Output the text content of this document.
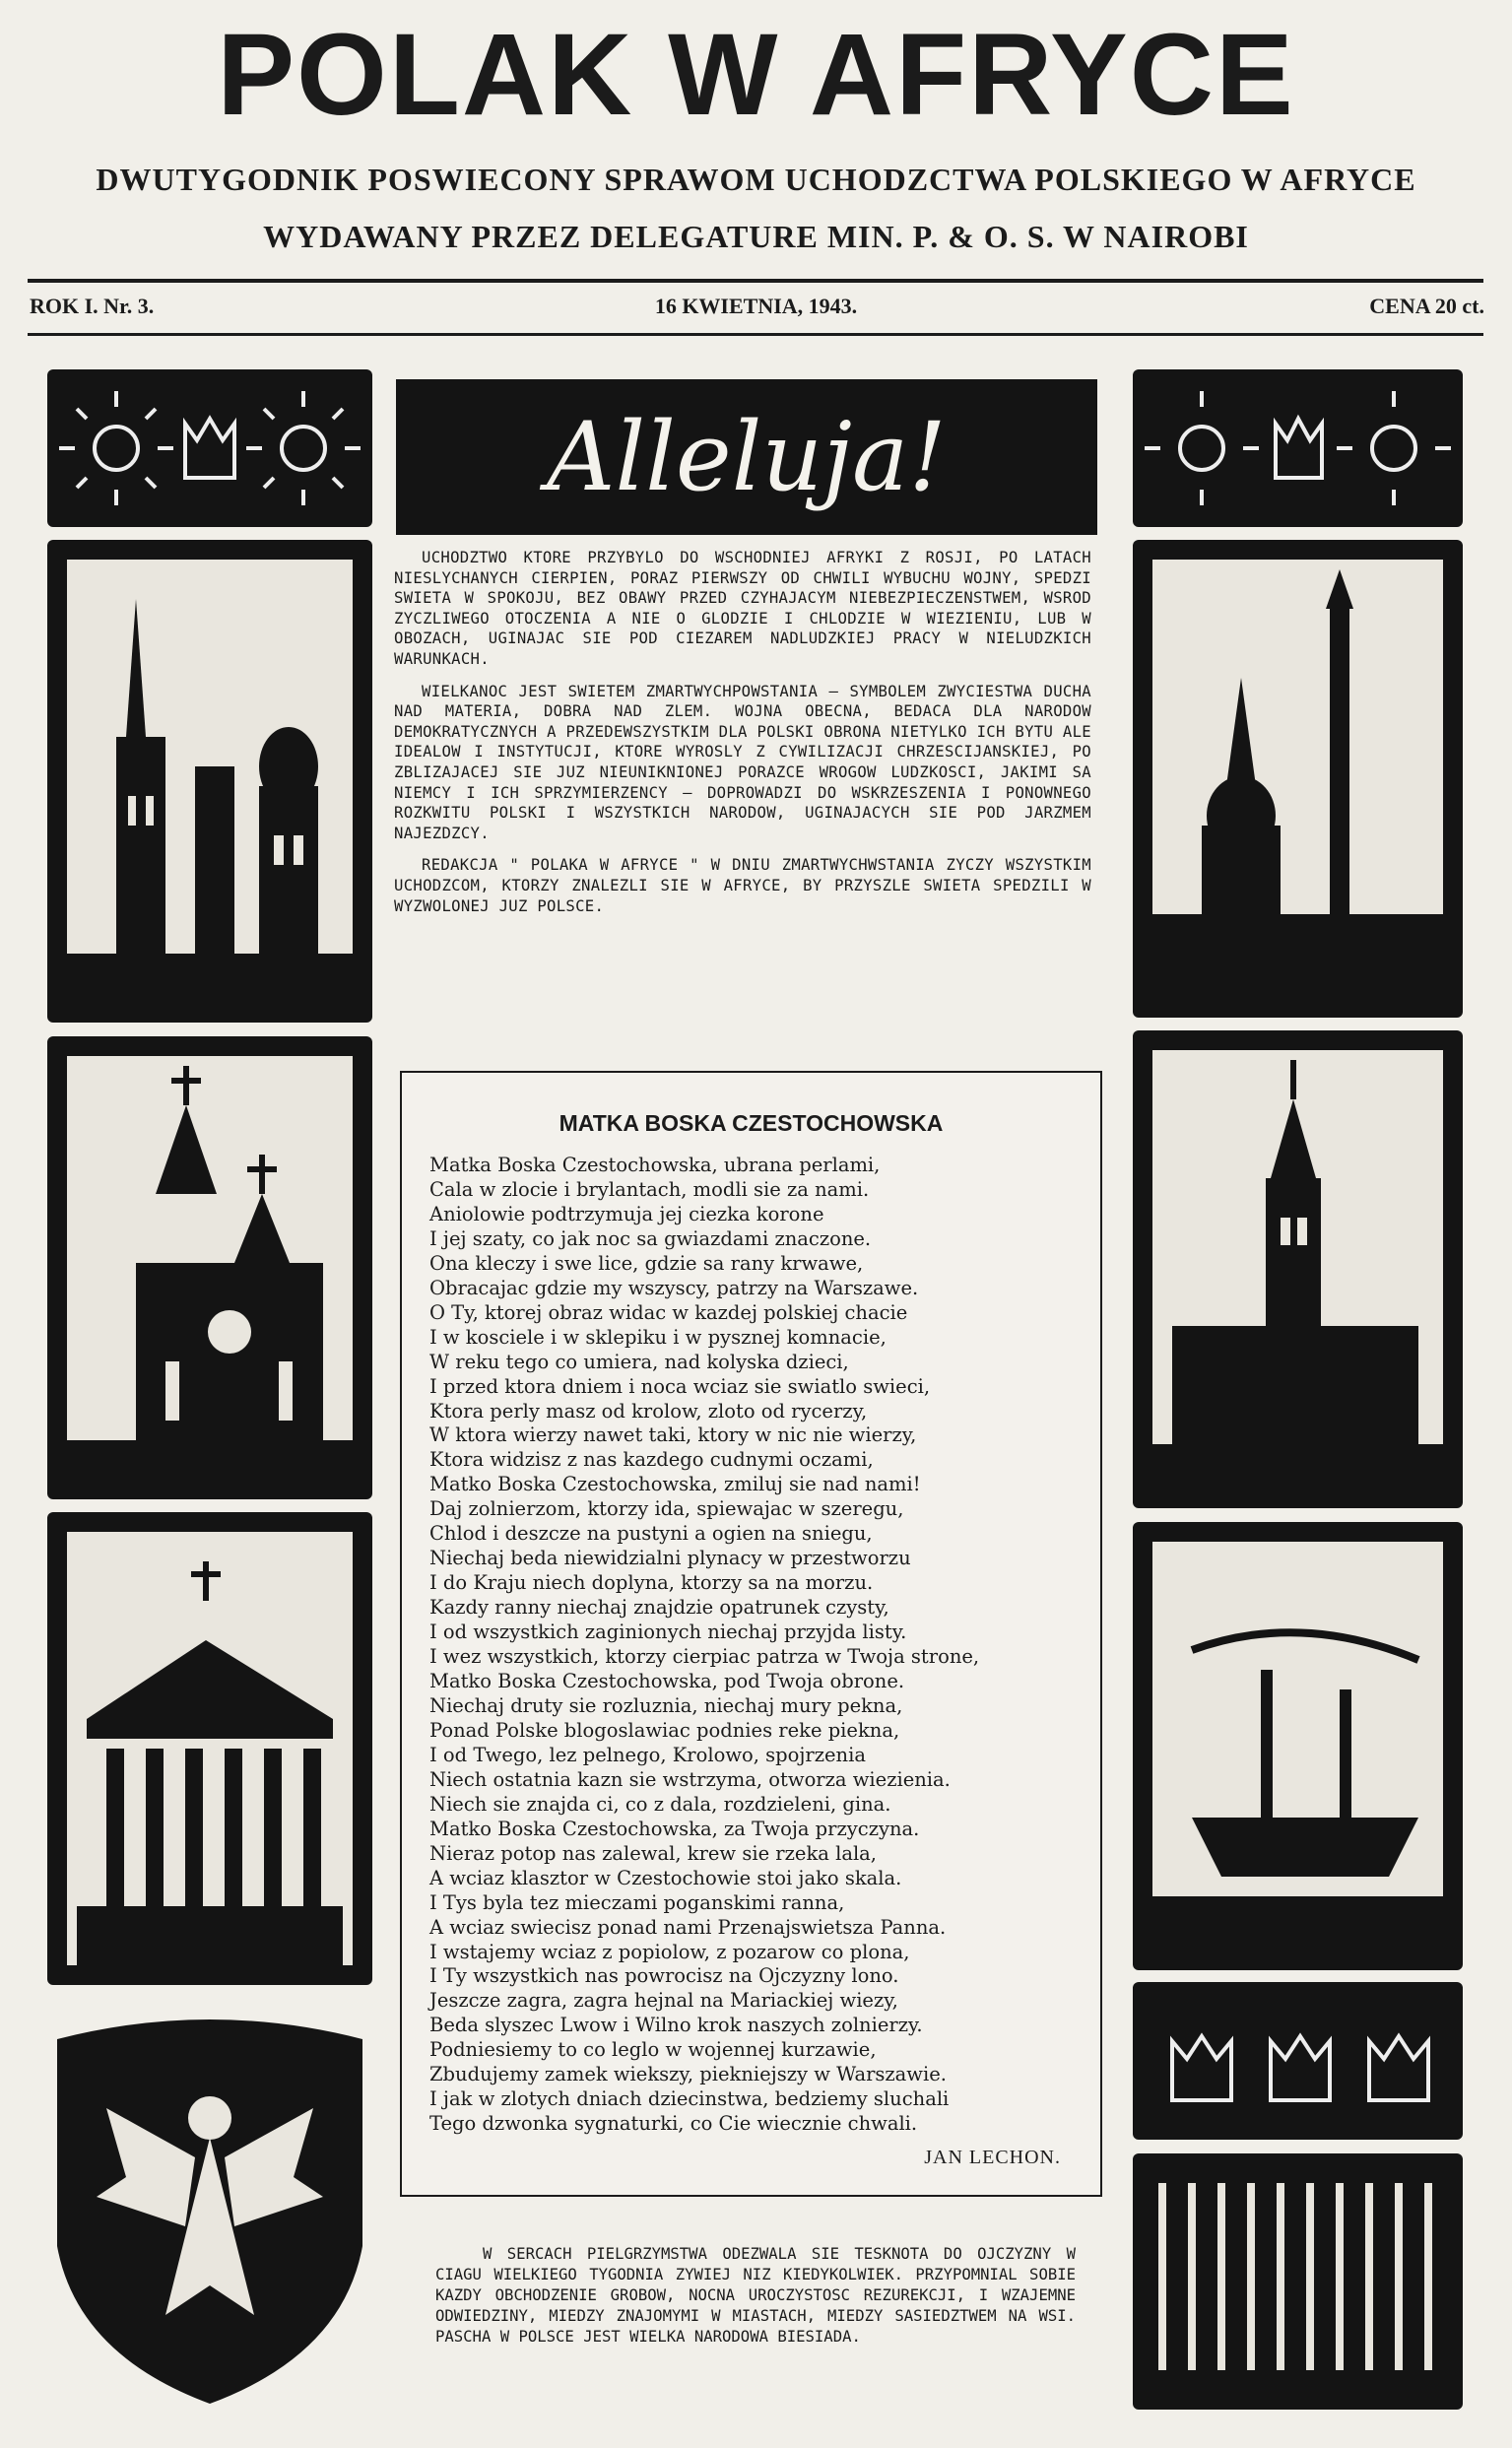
POLAK W AFRYCE
DWUTYGODNIK POSWIECONY SPRAWOM UCHODZCTWA POLSKIEGO W AFRYCE
WYDAWANY PRZEZ DELEGATURE MIN. P. & O. S. W NAIROBI
ROK I. Nr. 3.	16 KWIETNIA, 1943.	CENA 20 ct.
Alleluja!

UCHODZTWO KTORE PRZYBYLO DO WSCHODNIEJ AFRYKI Z ROSJI, PO LATACH NIESLYCHANYCH CIERPIEN, PORAZ PIERWSZY OD CHWILI WYBUCHU WOJNY, SPEDZI SWIETA W SPOKOJU, BEZ OBAWY PRZED CZYHAJACYM NIEBEZPIECZENSTWEM, WSROD ZYCZLIWEGO OTOCZENIA A NIE O GLODZIE I CHLODZIE W WIEZIENIU, LUB W OBOZACH, UGINAJAC SIE POD CIEZAREM NADLUDZKIEJ PRACY W NIELUDZKICH WARUNKACH.

WIELKANOC JEST SWIETEM ZMARTWYCHPOWSTANIA — SYMBOLEM ZWYCIESTWA DUCHA NAD MATERIA, DOBRA NAD ZLEM. WOJNA OBECNA, BEDACA DLA NARODOW DEMOKRATYCZNYCH A PRZEDEWSZYSTKIM DLA POLSKI OBRONA NIETYLKO ICH BYTU ALE IDEALOW I INSTYTUCJI, KTORE WYROSLY Z CYWILIZACJI CHRZESCIJANSKIEJ, PO ZBLIZAJACEJ SIE JUZ NIEUNIKNIONEJ PORAZCE WROGOW LUDZKOSCI, JAKIMI SA NIEMCY I ICH SPRZYMIERZENCY — DOPROWADZI DO WSKRZESZENIA I PONOWNEGO ROZKWITU POLSKI I WSZYSTKICH NARODOW, UGINAJACYCH SIE POD JARZMEM NAJEZDZCY.

REDAKCJA " POLAKA W AFRYCE " W DNIU ZMARTWYCHWSTANIA ZYCZY WSZYSTKIM UCHODZCOM, KTORZY ZNALEZLI SIE W AFRYCE, BY PRZYSZLE SWIETA SPEDZILI W WYZWOLONEJ JUZ POLSCE.

MATKA BOSKA CZESTOCHOWSKA
Matka Boska Czestochowska, ubrana perlami,
Cala w zlocie i brylantach, modli sie za nami.
Aniolowie podtrzymuja jej ciezka korone
I jej szaty, co jak noc sa gwiazdami znaczone.
Ona kleczy i swe lice, gdzie sa rany krwawe,
Obracajac gdzie my wszyscy, patrzy na Warszawe.
O Ty, ktorej obraz widac w kazdej polskiej chacie
I w kosciele i w sklepiku i w pysznej komnacie,
W reku tego co umiera, nad kolyska dzieci,
I przed ktora dniem i noca wciaz sie swiatlo swieci,
Ktora perly masz od krolow, zloto od rycerzy,
W ktora wierzy nawet taki, ktory w nic nie wierzy,
Ktora widzisz z nas kazdego cudnymi oczami,
Matko Boska Czestochowska, zmiluj sie nad nami!
Daj zolnierzom, ktorzy ida, spiewajac w szeregu,
Chlod i deszcze na pustyni a ogien na sniegu,
Niechaj beda niewidzialni plynacy w przestworzu
I do Kraju niech doplyna, ktorzy sa na morzu.
Kazdy ranny niechaj znajdzie opatrunek czysty,
I od wszystkich zaginionych niechaj przyjda listy.
I wez wszystkich, ktorzy cierpiac patrza w Twoja strone,
Matko Boska Czestochowska, pod Twoja obrone.
Niechaj druty sie rozluznia, niechaj mury pekna,
Ponad Polske blogoslawiac podnies reke piekna,
I od Twego, lez pelnego, Krolowo, spojrzenia
Niech ostatnia kazn sie wstrzyma, otworza wiezienia.
Niech sie znajda ci, co z dala, rozdzieleni, gina.
Matko Boska Czestochowska, za Twoja przyczyna.
Nieraz potop nas zalewal, krew sie rzeka lala,
A wciaz klasztor w Czestochowie stoi jako skala.
I Tys byla tez mieczami poganskimi ranna,
A wciaz swiecisz ponad nami Przenajswietsza Panna.
I wstajemy wciaz z popiolow, z pozarow co plona,
I Ty wszystkich nas powrocisz na Ojczyzny lono.
Jeszcze zagra, zagra hejnal na Mariackiej wiezy,
Beda slyszec Lwow i Wilno krok naszych zolnierzy.
Podniesiemy to co leglo w wojennej kurzawie,
Zbudujemy zamek wiekszy, piekniejszy w Warszawie.
I jak w zlotych dniach dziecinstwa, bedziemy sluchali
Tego dzwonka sygnaturki, co Cie wiecznie chwali.
JAN LECHON.
W SERCACH PIELGRZYMSTWA ODEZWALA SIE TESKNOTA DO OJCZYZNY W CIAGU WIELKIEGO TYGODNIA ZYWIEJ NIZ KIEDYKOLWIEK. PRZYPOMNIAL SOBIE KAZDY OBCHODZENIE GROBOW, NOCNA UROCZYSTOSC REZUREKCJI, I WZAJEMNE ODWIEDZINY, MIEDZY ZNAJOMYMI W MIASTACH, MIEDZY SASIEDZTWEM NA WSI. PASCHA W POLSCE JEST WIELKA NARODOWA BIESIADA.
